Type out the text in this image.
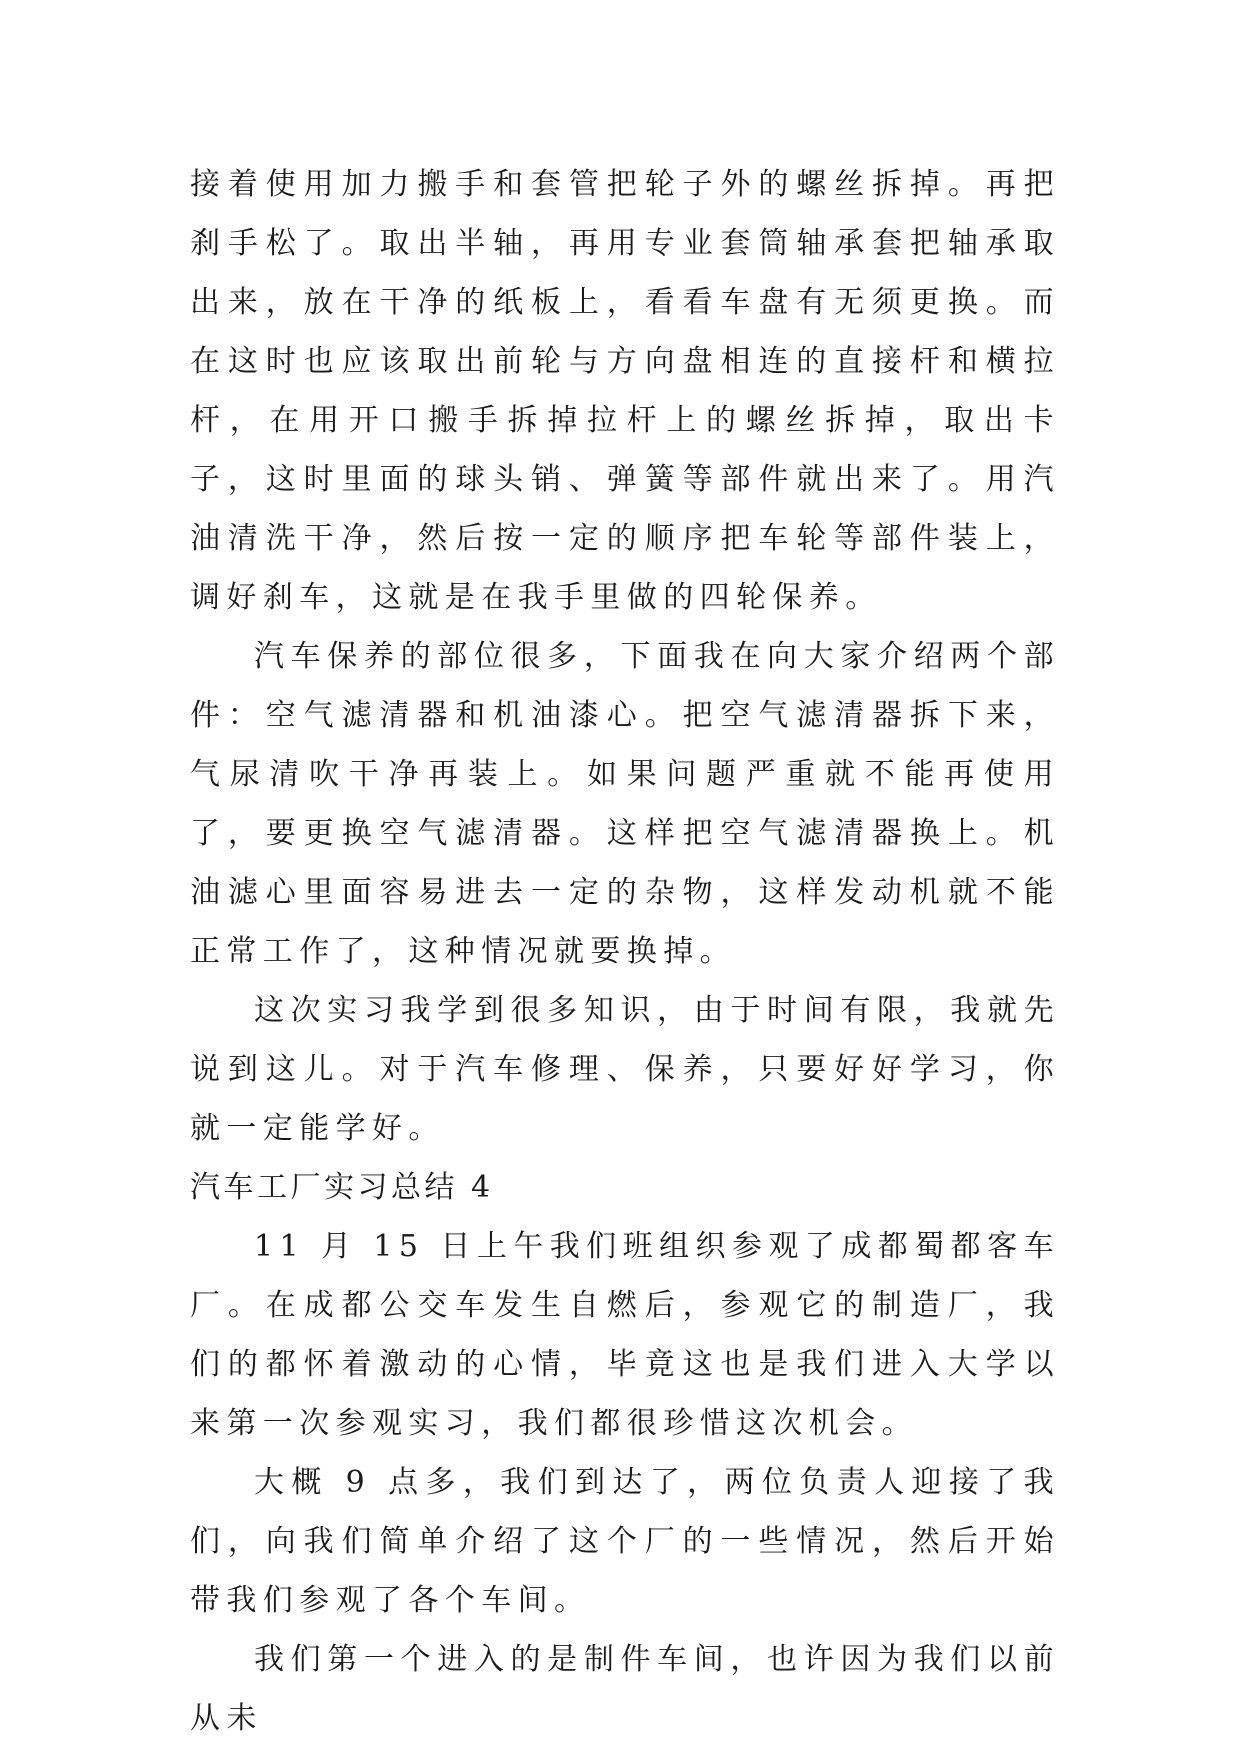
接着使用加力搬手和套管把轮子外的螺丝拆掉。再把刹手松了。取出半轴，再用专业套筒轴承套把轴承取出来，放在干净的纸板上，看看车盘有无须更换。而在这时也应该取出前轮与方向盘相连的直接杆和横拉杆，在用开口搬手拆掉拉杆上的螺丝拆掉，取出卡子，这时里面的球头销、弹簧等部件就出来了。用汽油清洗干净，然后按一定的顺序把车轮等部件装上，调好刹车，这就是在我手里做的四轮保养。

汽车保养的部位很多，下面我在向大家介绍两个部件：空气滤清器和机油漆心。把空气滤清器拆下来，气尿清吹干净再装上。如果问题严重就不能再使用了，要更换空气滤清器。这样把空气滤清器换上。机油滤心里面容易进去一定的杂物，这样发动机就不能正常工作了，这种情况就要换掉。

这次实习我学到很多知识，由于时间有限，我就先说到这儿。对于汽车修理、保养，只要好好学习，你就一定能学好。

汽车工厂实习总结 4

11 月 15 日上午我们班组织参观了成都蜀都客车厂。在成都公交车发生自燃后，参观它的制造厂，我们的都怀着激动的心情，毕竟这也是我们进入大学以来第一次参观实习，我们都很珍惜这次机会。

大概 9 点多，我们到达了，两位负责人迎接了我们，向我们简单介绍了这个厂的一些情况，然后开始带我们参观了各个车间。

我们第一个进入的是制件车间，也许因为我们以前从未
